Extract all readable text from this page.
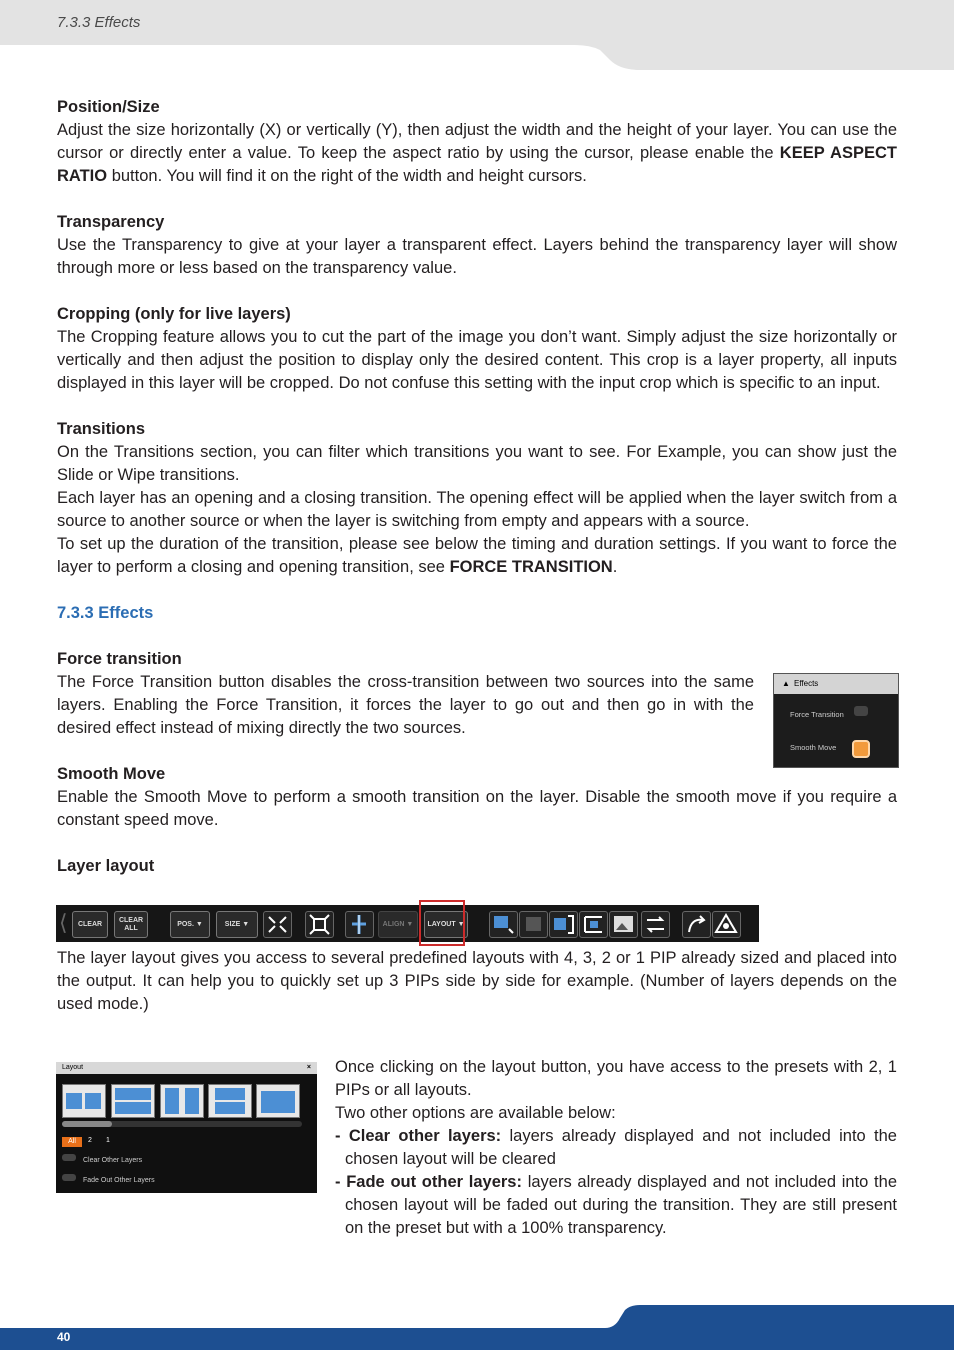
7.3.3 Effects

Position/Size

Adjust the size horizontally (X) or vertically (Y), then adjust the width and the height of your layer. You can use the cursor or directly enter a value. To keep the aspect ratio by using the cursor, please enable the KEEP ASPECT RATIO button. You will find it on the right of the width and height cursors.

Transparency

Use the Transparency to give at your layer a transparent effect. Layers behind the transparency layer will show through more or less based on the transparency value.

Cropping (only for live layers)

The Cropping feature allows you to cut the part of the image you don’t want. Simply adjust the size horizontally or vertically and then adjust the position to display only the desired content. This crop is a layer property, all inputs displayed in this layer will be cropped. Do not confuse this setting with the input crop which is specific to an input.

Transitions

On the Transitions section, you can filter which transitions you want to see. For Example, you can show just the Slide or Wipe transitions.

Each layer has an opening and a closing transition. The opening effect will be applied when the layer switch from a source to another source or when the layer is switching from empty and appears with a source.

To set up the duration of the transition, please see below the timing and duration settings. If you want to force the layer to perform a closing and opening transition, see FORCE TRANSITION.

7.3.3 Effects

Force transition

The Force Transition button disables the cross-transition between two sources into the same layers. Enabling the Force Transition, it forces the layer to go out and then go in with the desired effect instead of mixing directly the two sources.

Smooth Move

Enable the Smooth Move to perform a smooth transition on the layer. Disable the smooth move if you require a constant speed move.

Layer layout

The layer layout gives you access to several predefined layouts with 4, 3, 2 or 1 PIP already sized and placed into the output. It can help you to quickly set up 3 PIPs side by side for example. (Number of layers depends on the used mode.)

▲ Effects
Force Transition
Smooth Move
⟨	CLEAR
CLEAR ALL
POS. ▼	SIZE ▼	ALIGN ▼	LAYOUT ▼
Layout	×
All	2 1
Clear Other Layers
Fade Out Other Layers

Once clicking on the layout button, you have access to the presets with 2, 1 PIPs or all layouts.

Two other options are available below:

- Clear other layers: layers already displayed and not included into the chosen layout will be cleared

- Fade out other layers: layers already displayed and not included into the chosen layout will be faded out during the transition. They are still present on the preset but with a 100% transparency.

40
